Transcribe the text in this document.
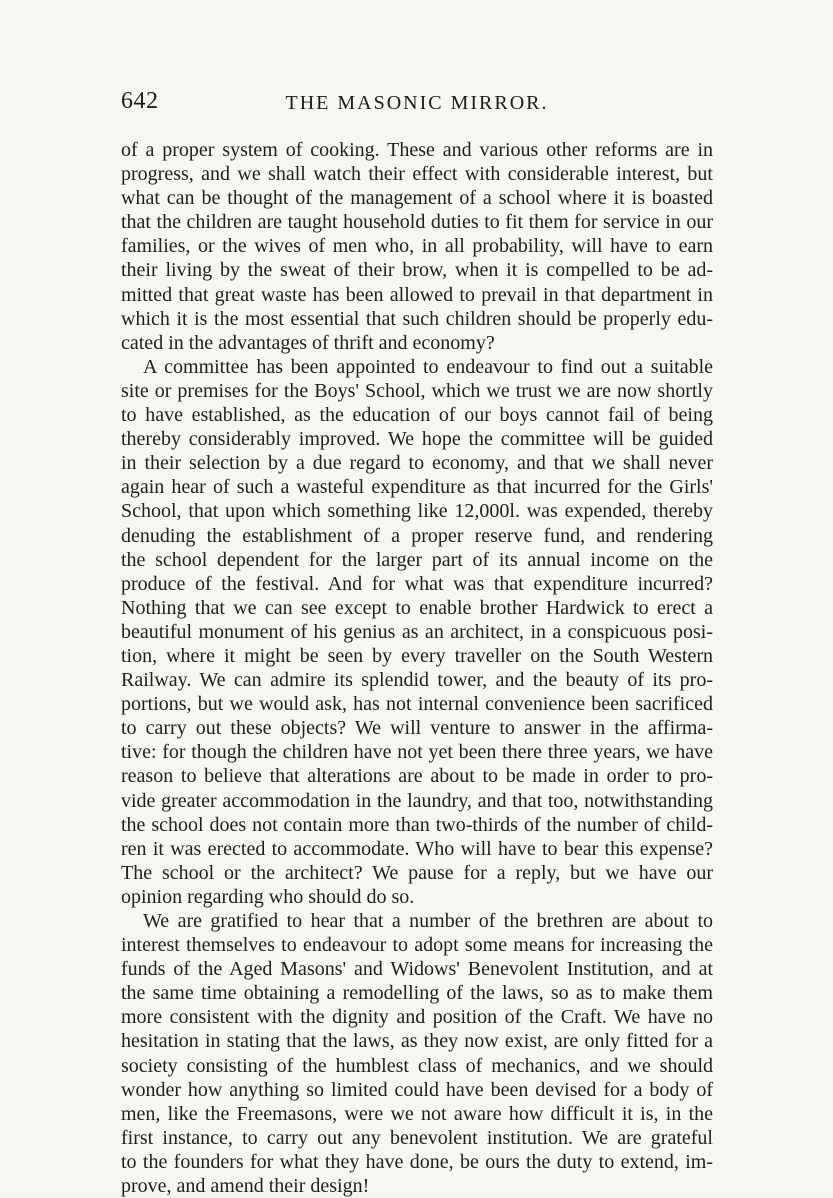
642	THE MASONIC MIRROR.
of a proper system of cooking. These and various other reforms are in
progress, and we shall watch their effect with considerable interest, but
what can be thought of the management of a school where it is boasted
that the children are taught household duties to fit them for service in our
families, or the wives of men who, in all probability, will have to earn
their living by the sweat of their brow, when it is compelled to be ad-
mitted that great waste has been allowed to prevail in that department in
which it is the most essential that such children should be properly edu-
cated in the advantages of thrift and economy?
A committee has been appointed to endeavour to find out a suitable
site or premises for the Boys' School, which we trust we are now shortly
to have established, as the education of our boys cannot fail of being
thereby considerably improved. We hope the committee will be guided
in their selection by a due regard to economy, and that we shall never
again hear of such a wasteful expenditure as that incurred for the Girls'
School, that upon which something like 12,000l. was expended, thereby
denuding the establishment of a proper reserve fund, and rendering
the school dependent for the larger part of its annual income on the
produce of the festival. And for what was that expenditure incurred?
Nothing that we can see except to enable brother Hardwick to erect a
beautiful monument of his genius as an architect, in a conspicuous posi-
tion, where it might be seen by every traveller on the South Western
Railway. We can admire its splendid tower, and the beauty of its pro-
portions, but we would ask, has not internal convenience been sacrificed
to carry out these objects? We will venture to answer in the affirma-
tive: for though the children have not yet been there three years, we have
reason to believe that alterations are about to be made in order to pro-
vide greater accommodation in the laundry, and that too, notwithstanding
the school does not contain more than two-thirds of the number of child-
ren it was erected to accommodate. Who will have to bear this expense?
The school or the architect? We pause for a reply, but we have our
opinion regarding who should do so.
We are gratified to hear that a number of the brethren are about to
interest themselves to endeavour to adopt some means for increasing the
funds of the Aged Masons' and Widows' Benevolent Institution, and at
the same time obtaining a remodelling of the laws, so as to make them
more consistent with the dignity and position of the Craft. We have no
hesitation in stating that the laws, as they now exist, are only fitted for a
society consisting of the humblest class of mechanics, and we should
wonder how anything so limited could have been devised for a body of
men, like the Freemasons, were we not aware how difficult it is, in the
first instance, to carry out any benevolent institution. We are grateful
to the founders for what they have done, be ours the duty to extend, im-
prove, and amend their design!
